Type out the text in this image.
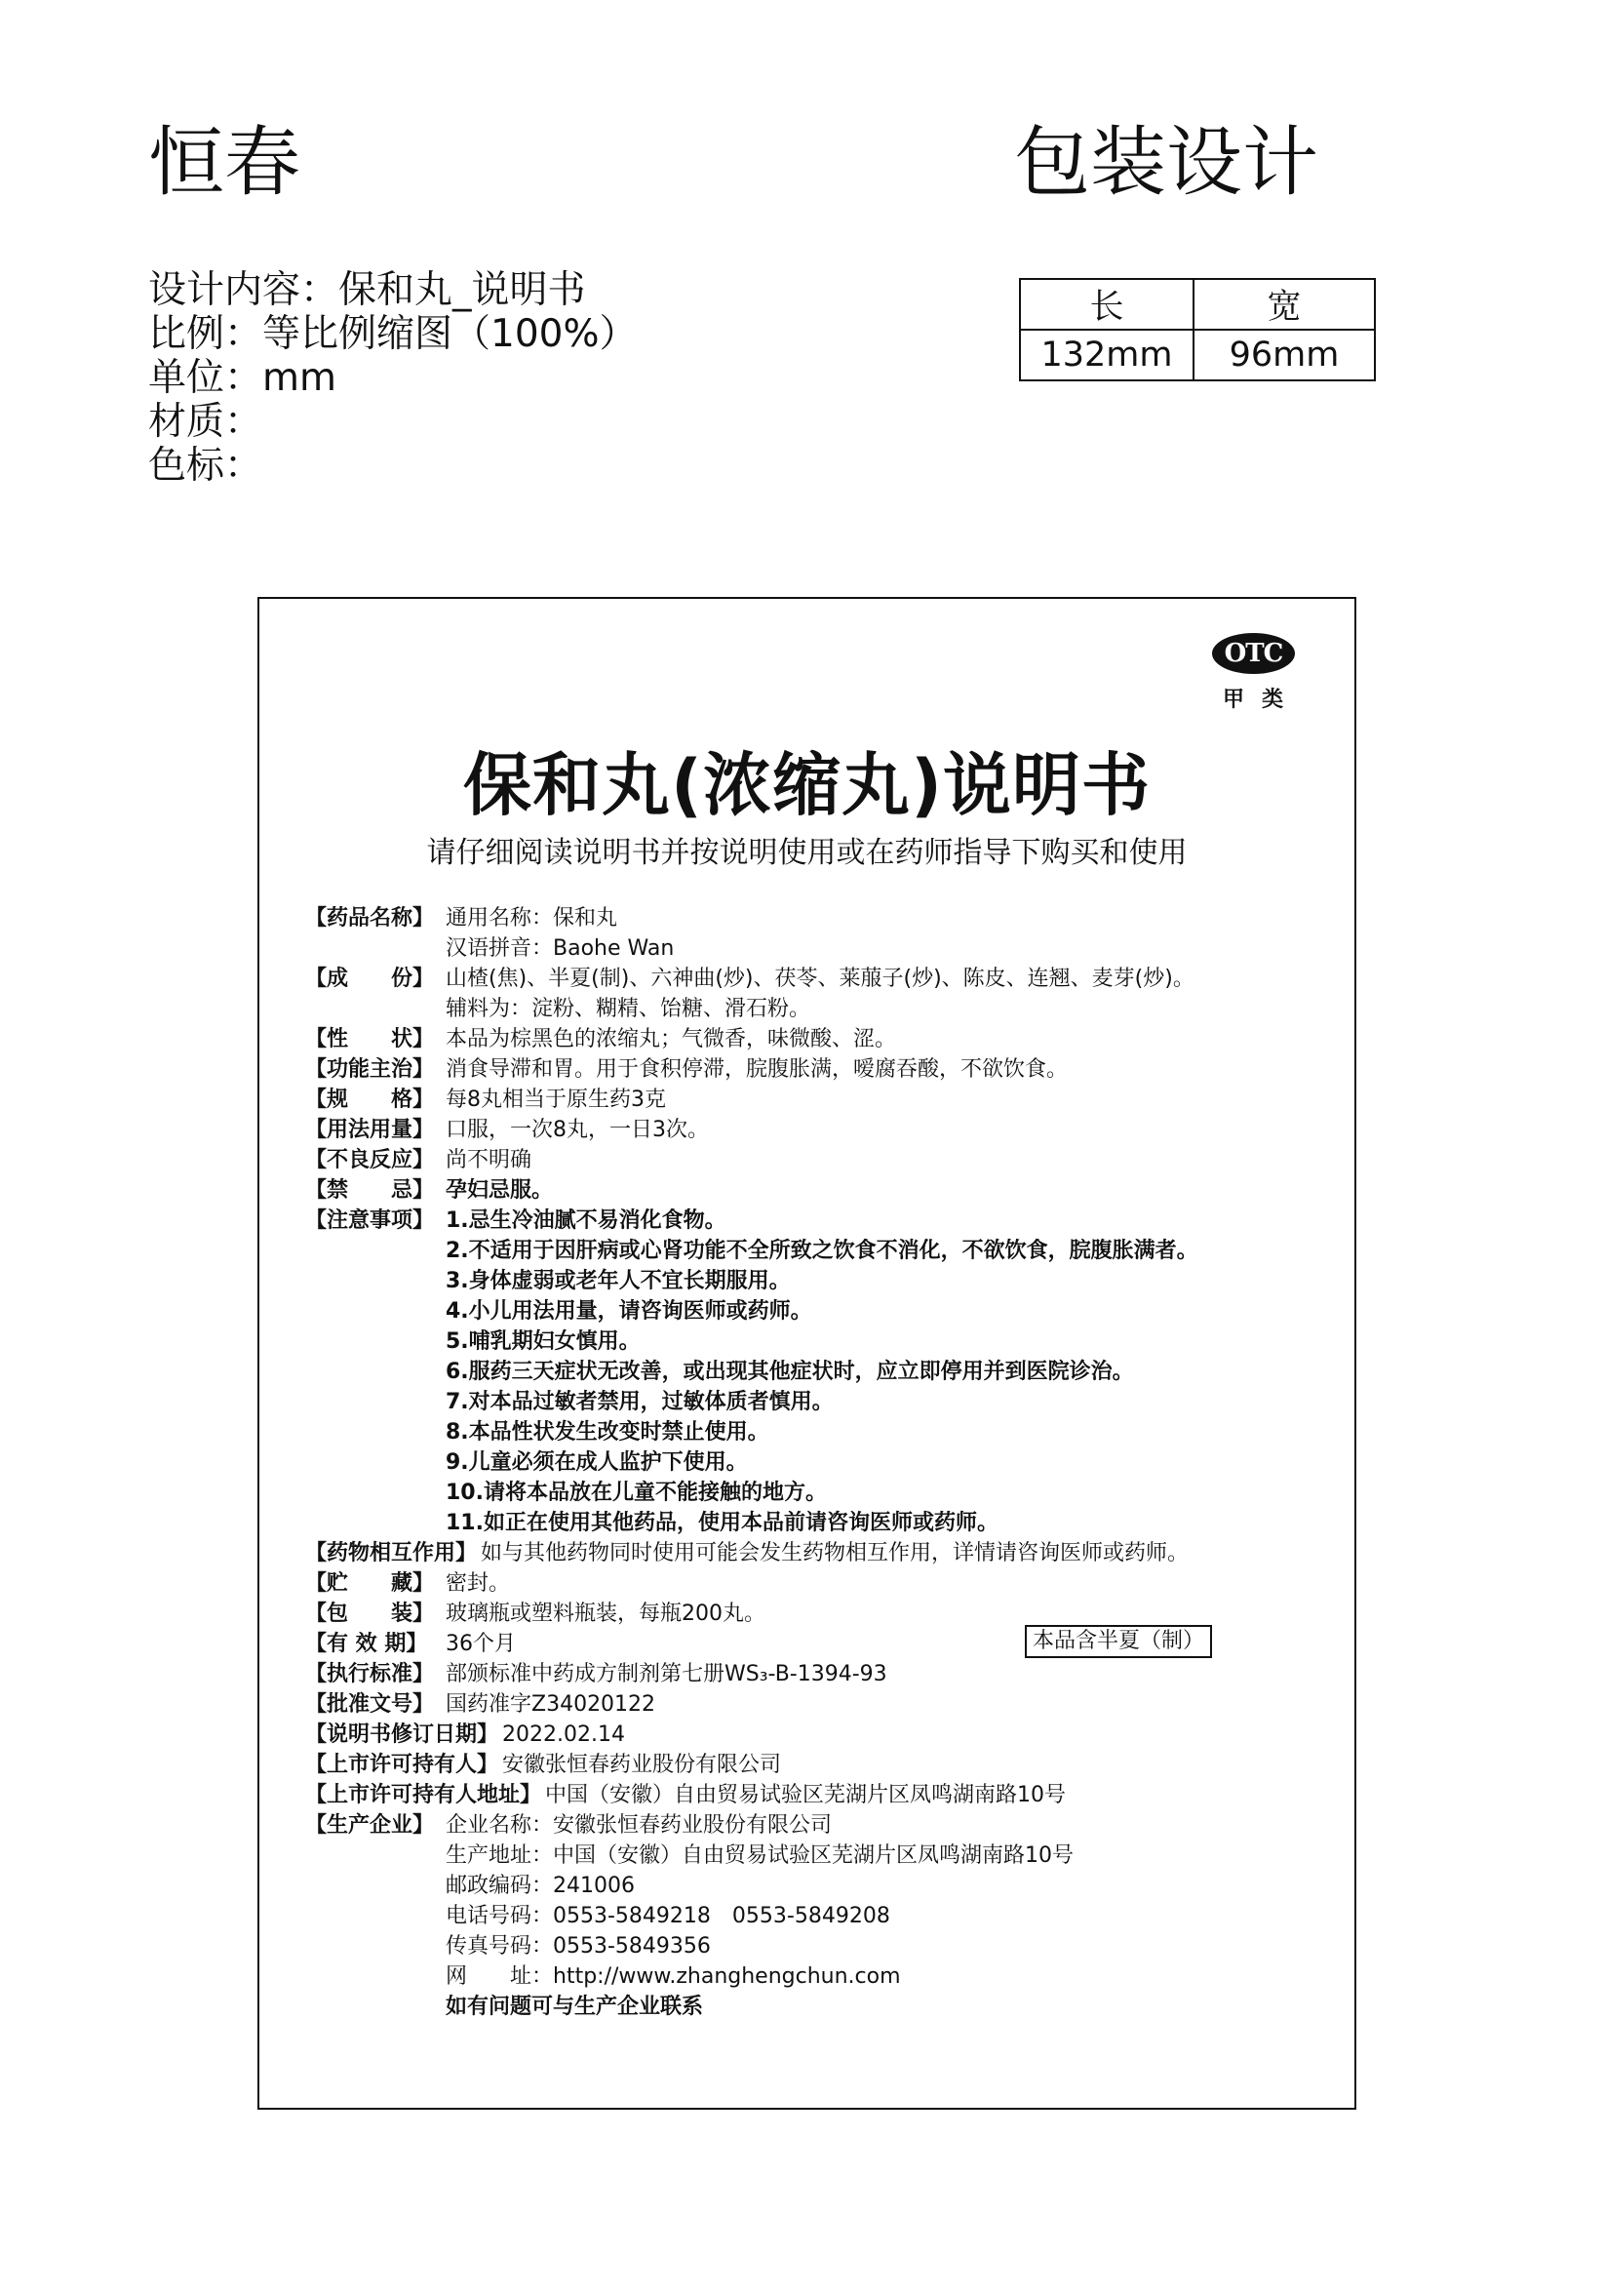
恒春	包装设计
设计内容：保和丸_说明书
比例：等比例缩图（100%）
单位：mm
材质：
色标：
长	宽
132mm	96mm
OTC
甲类
保和丸(浓缩丸)说明书
请仔细阅读说明书并按说明使用或在药师指导下购买和使用
【药品名称】 通用名称：保和丸
汉语拼音：Baohe Wan
【成　　份】 山楂(焦)、半夏(制)、六神曲(炒)、茯苓、莱菔子(炒)、陈皮、连翘、麦芽(炒)。
辅料为：淀粉、糊精、饴糖、滑石粉。
【性　　状】 本品为棕黑色的浓缩丸；气微香，味微酸、涩。
【功能主治】 消食导滞和胃。用于食积停滞，脘腹胀满，嗳腐吞酸，不欲饮食。
【规　　格】 每8丸相当于原生药3克
【用法用量】 口服，一次8丸，一日3次。
【不良反应】 尚不明确
【禁　　忌】 孕妇忌服。
【注意事项】 1.忌生冷油腻不易消化食物。
2.不适用于因肝病或心肾功能不全所致之饮食不消化，不欲饮食，脘腹胀满者。
3.身体虚弱或老年人不宜长期服用。
4.小儿用法用量，请咨询医师或药师。
5.哺乳期妇女慎用。
6.服药三天症状无改善，或出现其他症状时，应立即停用并到医院诊治。
7.对本品过敏者禁用，过敏体质者慎用。
8.本品性状发生改变时禁止使用。
9.儿童必须在成人监护下使用。
10.请将本品放在儿童不能接触的地方。
11.如正在使用其他药品，使用本品前请咨询医师或药师。
【药物相互作用】 如与其他药物同时使用可能会发生药物相互作用，详情请咨询医师或药师。
【贮　　藏】 密封。
【包　　装】 玻璃瓶或塑料瓶装，每瓶200丸。
【有 效 期】 36个月
【执行标准】 部颁标准中药成方制剂第七册WS₃-B-1394-93
【批准文号】 国药准字Z34020122
【说明书修订日期】 2022.02.14
【上市许可持有人】 安徽张恒春药业股份有限公司
【上市许可持有人地址】 中国（安徽）自由贸易试验区芜湖片区凤鸣湖南路10号
【生产企业】 企业名称：安徽张恒春药业股份有限公司
生产地址：中国（安徽）自由贸易试验区芜湖片区凤鸣湖南路10号
邮政编码：241006
电话号码：0553-5849218　0553-5849208
传真号码：0553-5849356
网　　址：http://www.zhanghengchun.com
如有问题可与生产企业联系
本品含半夏（制）
